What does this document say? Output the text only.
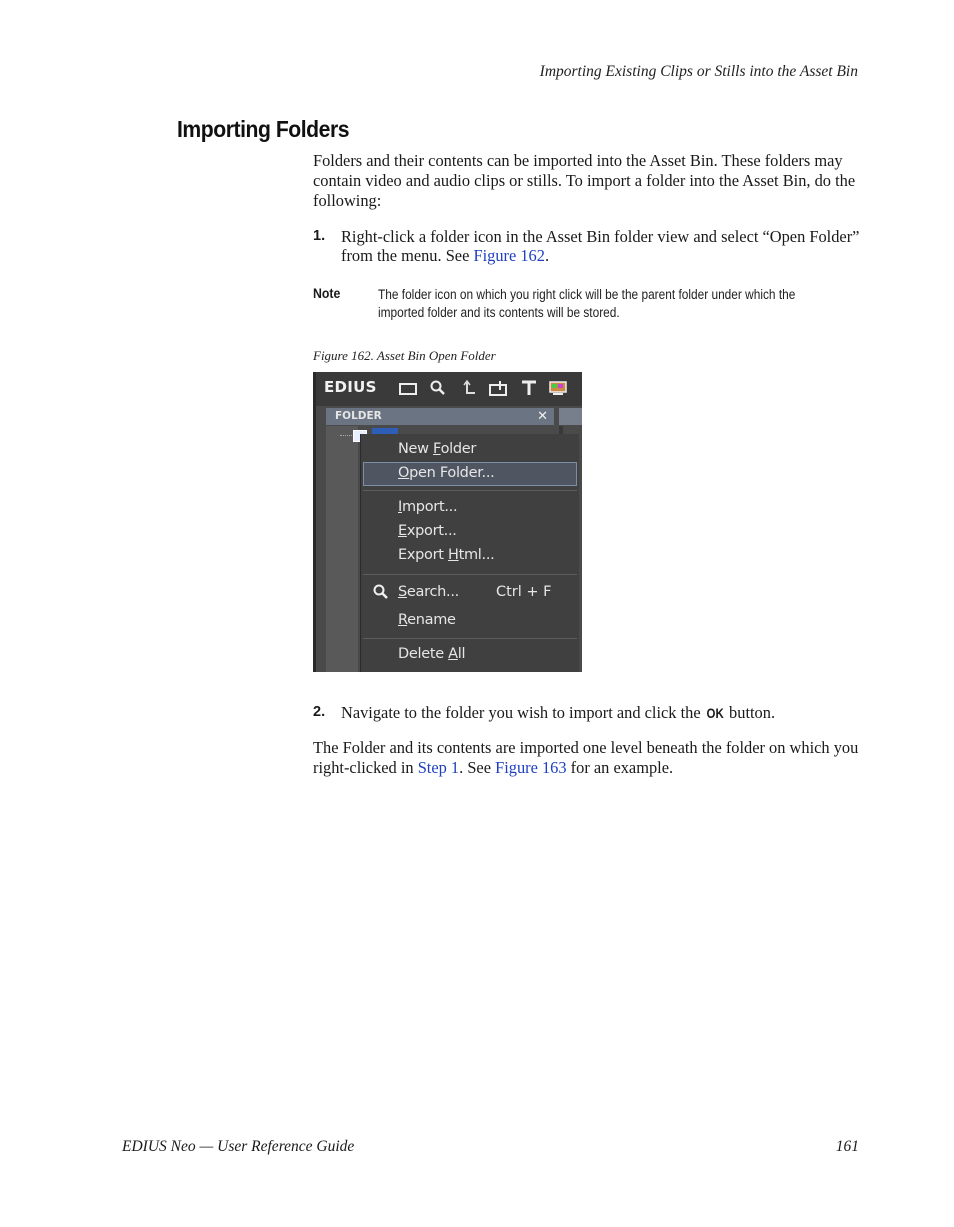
Importing Existing Clips or Stills into the Asset Bin
Importing Folders
Folders and their contents can be imported into the Asset Bin. These folders may contain video and audio clips or stills. To import a folder into the Asset Bin, do the following:
1. Right-click a folder icon in the Asset Bin folder view and select “Open Folder” from the menu. See Figure 162.
Note	The folder icon on which you right click will be the parent folder under which the imported folder and its contents will be stored.
Figure 162. Asset Bin Open Folder
EDIUS
FOLDER	✕
New Folder
Open Folder...
Import...
Export...
Export Html...
Search...	Ctrl + F
Rename
Delete All
2. Navigate to the folder you wish to import and click the OK button.
The Folder and its contents are imported one level beneath the folder on which you right-clicked in Step 1. See Figure 163 for an example.
EDIUS Neo — User Reference Guide	161
